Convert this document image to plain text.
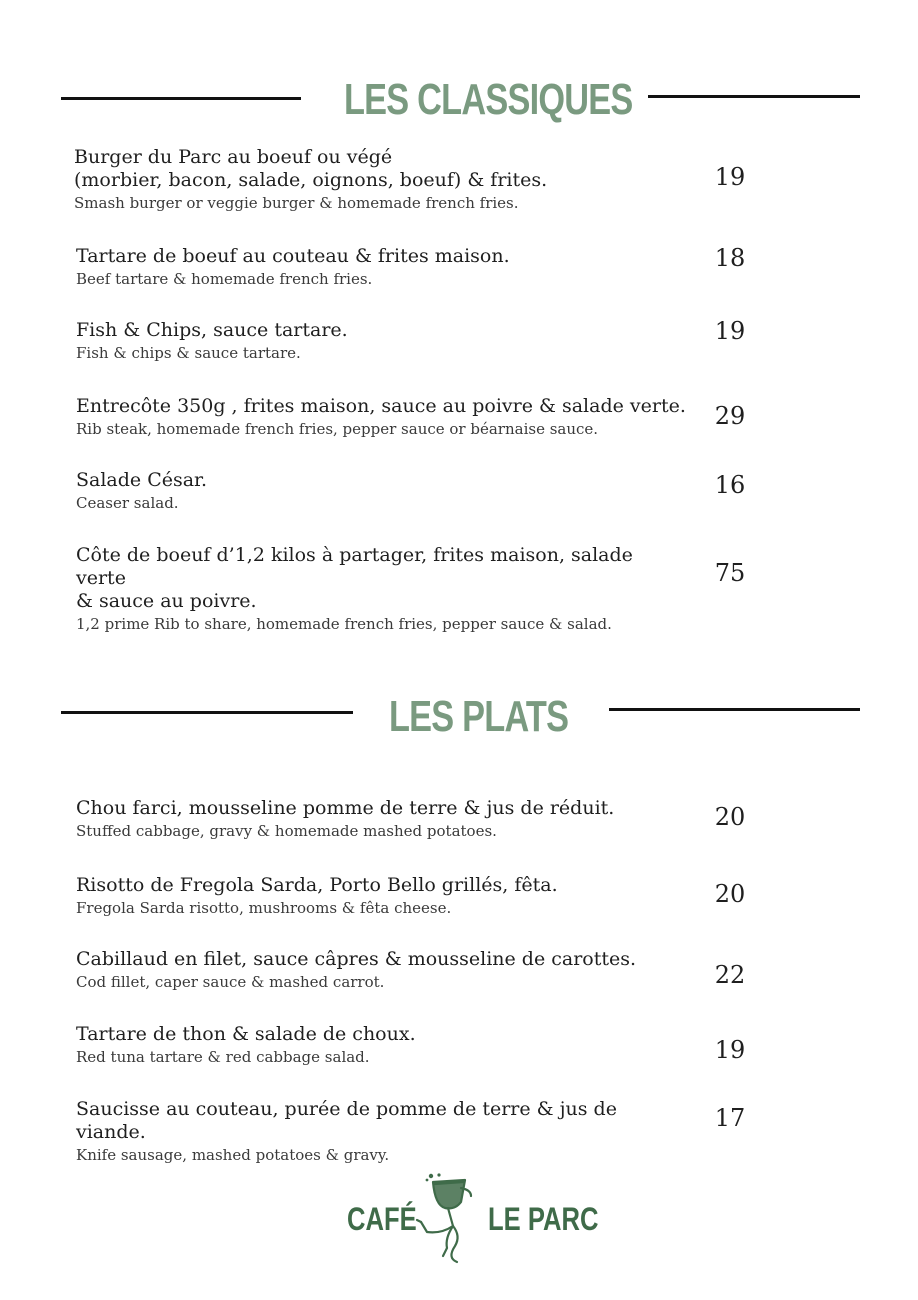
LES CLASSIQUES
Burger du Parc au boeuf ou végé
(morbier, bacon, salade, oignons, boeuf) & frites.
Smash burger or veggie burger & homemade french fries.
19
Tartare de boeuf au couteau & frites maison.
Beef tartare & homemade french fries.
18
Fish & Chips, sauce tartare.
Fish & chips & sauce tartare.
19
Entrecôte 350g , frites maison, sauce au poivre & salade verte.
Rib steak, homemade french fries, pepper sauce or béarnaise sauce.	29
Salade César.
Ceaser salad.
16
Côte de boeuf d’1,2 kilos à partager, frites maison, salade verte
& sauce au poivre.
1,2 prime Rib to share, homemade french fries, pepper sauce & salad.
75
LES PLATS
Chou farci, mousseline pomme de terre & jus de réduit.
Stuffed cabbage, gravy & homemade mashed potatoes.	20
Risotto de Fregola Sarda, Porto Bello grillés, fêta.
Fregola Sarda risotto, mushrooms & fêta cheese.	20
Cabillaud en filet, sauce câpres & mousseline de carottes.
Cod fillet, caper sauce & mashed carrot.	22
Tartare de thon & salade de choux.
Red tuna tartare & red cabbage salad.	19
Saucisse au couteau, purée de pomme de terre & jus de viande.
Knife sausage, mashed potatoes & gravy.
17
CAFÉ LE PARC
